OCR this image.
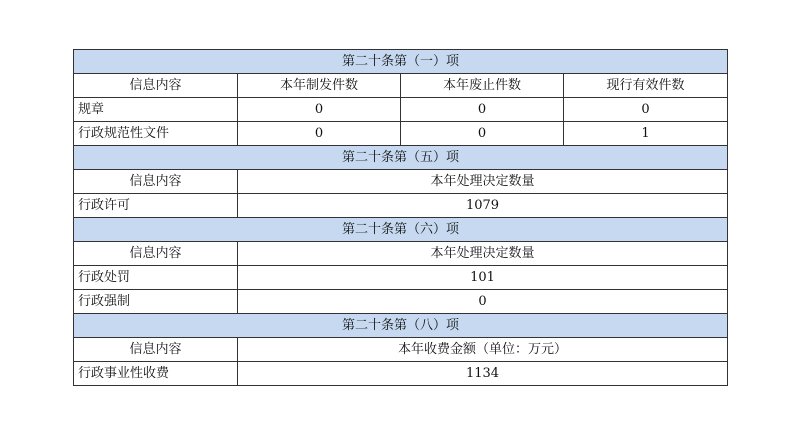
第二十条第（一）项			
信息内容	本年制发件数	本年废止件数	现行有效件数
规章	0	0	0
行政规范性文件	0	0	1
第二十条第（五）项			
信息内容	本年处理决定数量		
行政许可	1079		
第二十条第（六）项			
信息内容	本年处理决定数量		
行政处罚	101		
行政强制	0		
第二十条第（八）项			
信息内容	本年收费金额（单位：万元）		
行政事业性收费	1134		
